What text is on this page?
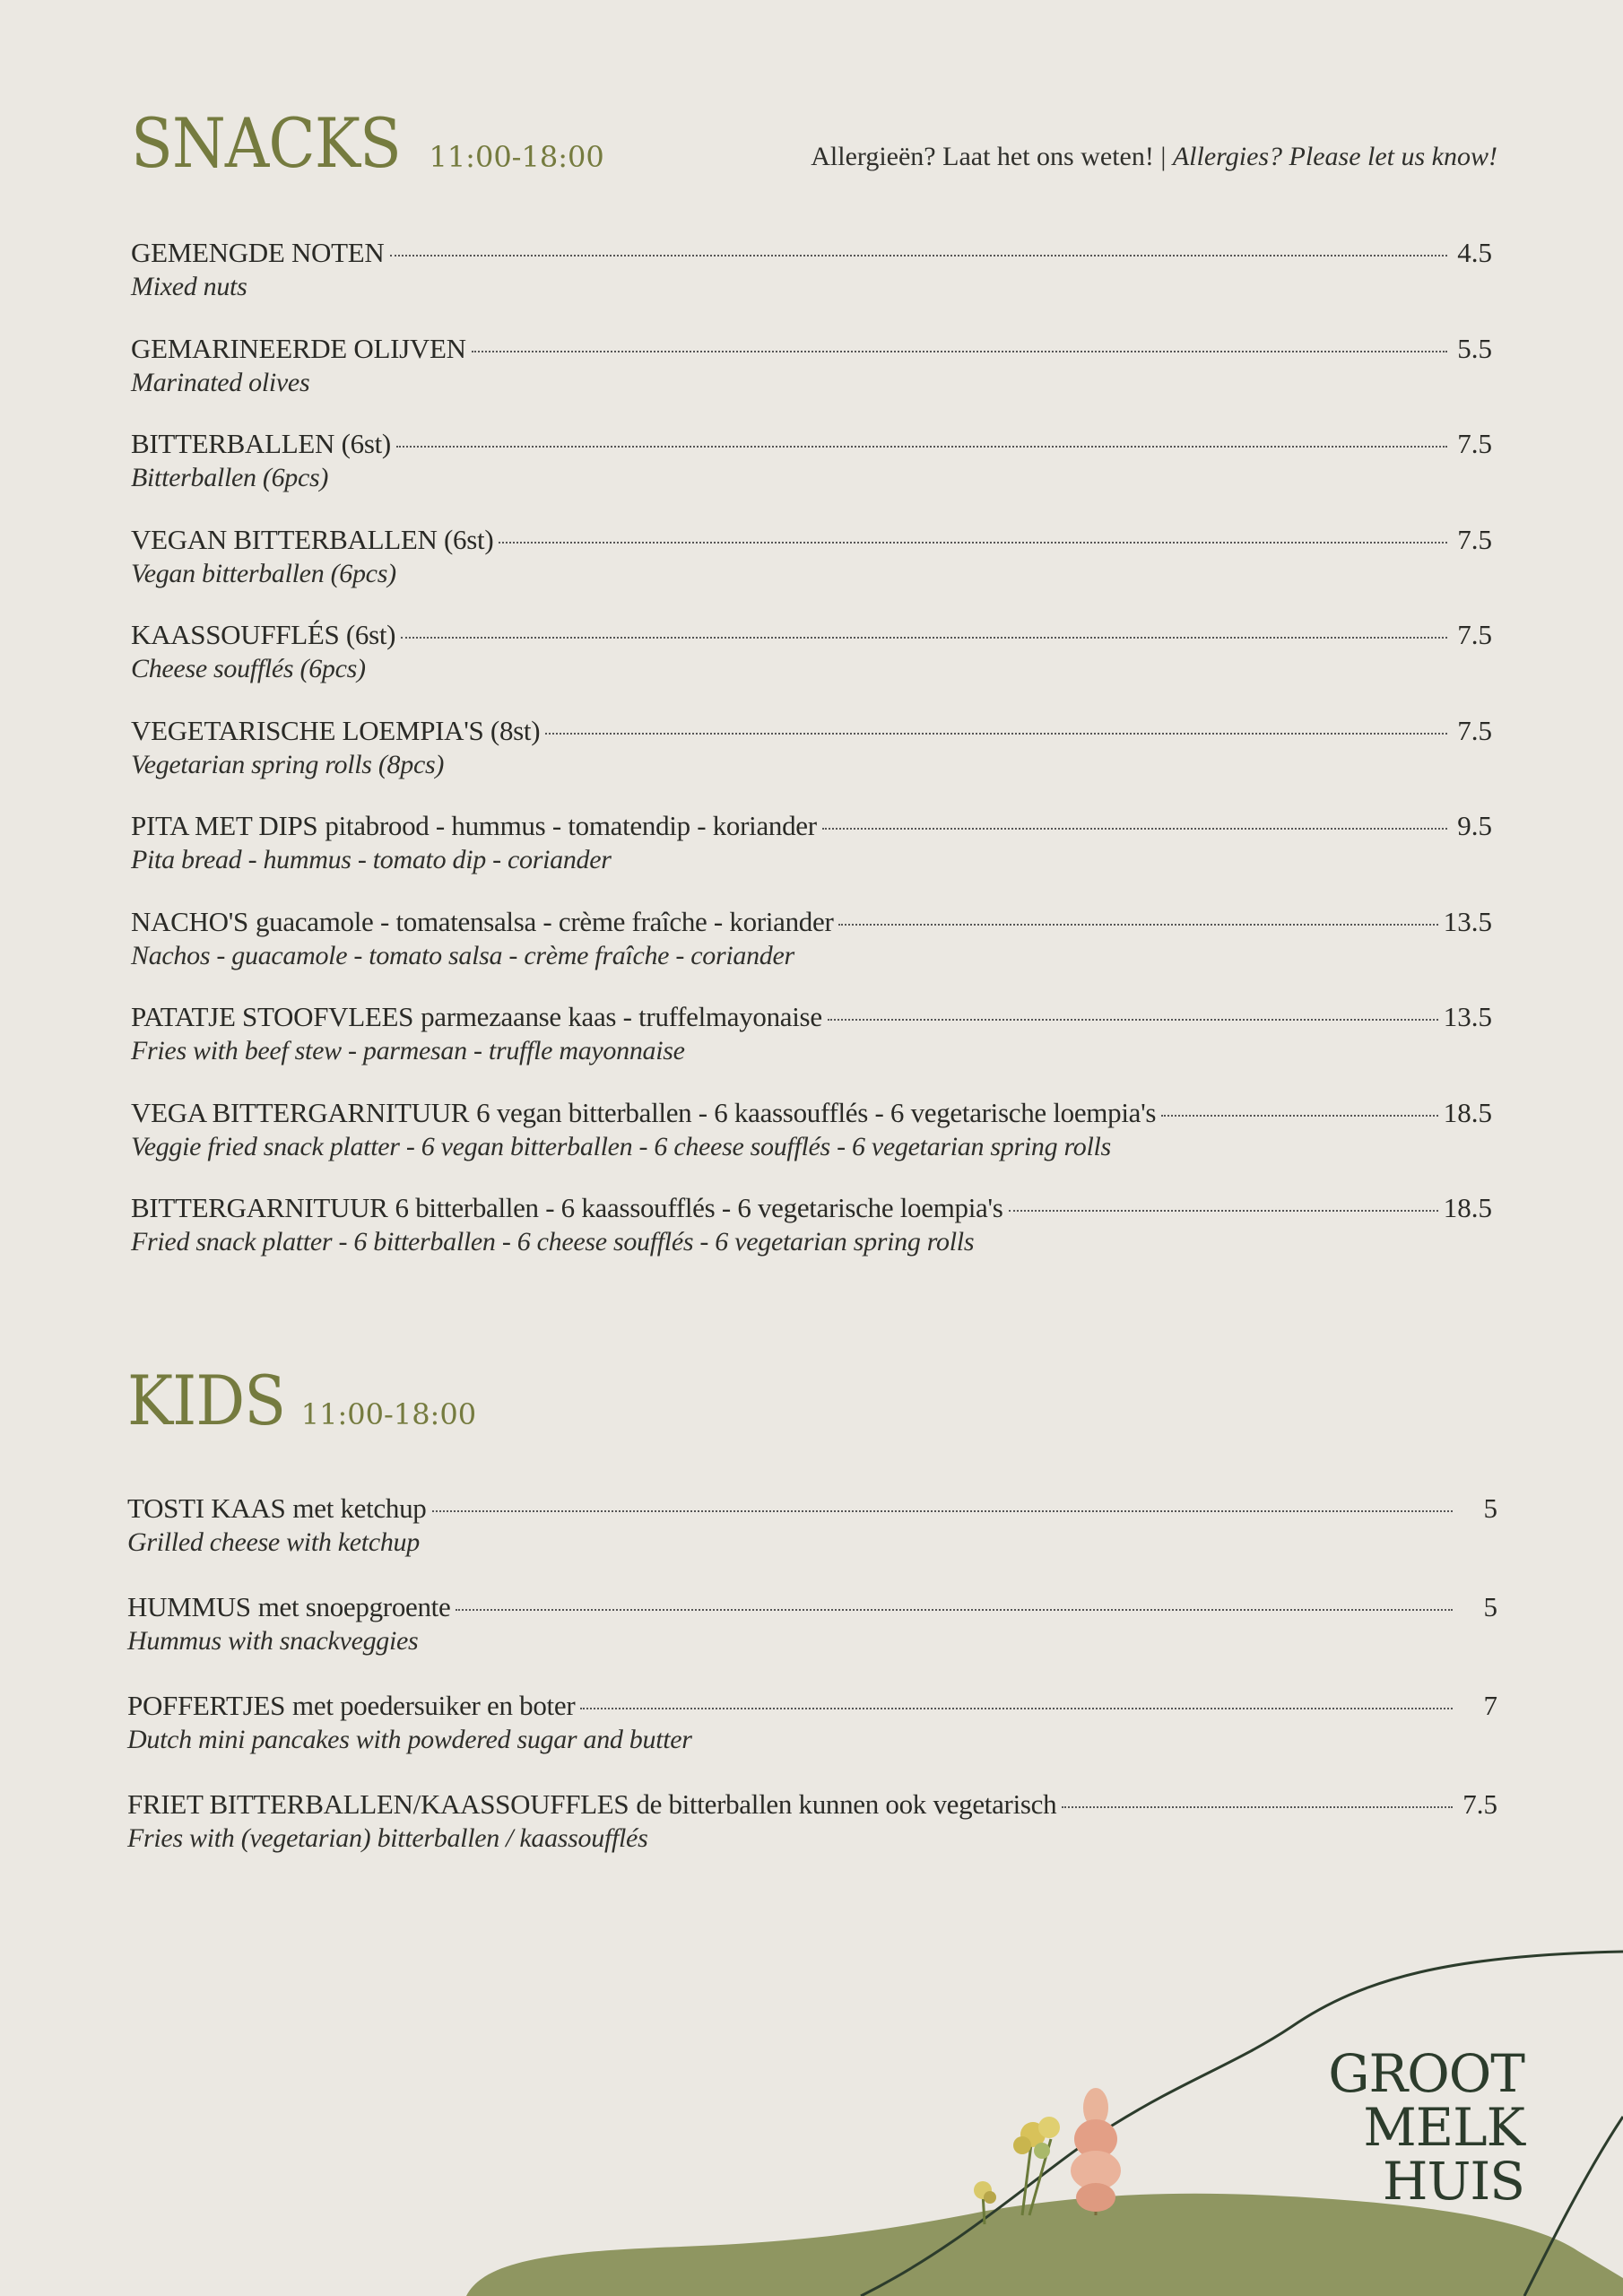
SNACKS 11:00-18:00	Allergieën? Laat het ons weten! | Allergies? Please let us know!
GEMENGDE NOTEN	4.5
Mixed nuts
GEMARINEERDE OLIJVEN	5.5
Marinated olives
BITTERBALLEN (6st)	7.5
Bitterballen (6pcs)
VEGAN BITTERBALLEN (6st)	7.5
Vegan bitterballen (6pcs)
KAASSOUFFLÉS (6st)	7.5
Cheese soufflés (6pcs)
VEGETARISCHE LOEMPIA'S (8st)	7.5
Vegetarian spring rolls (8pcs)
PITA MET DIPS pitabrood - hummus - tomatendip - koriander	9.5
Pita bread - hummus - tomato dip - coriander
NACHO'S guacamole - tomatensalsa - crème fraîche - koriander	13.5
Nachos - guacamole - tomato salsa - crème fraîche - coriander
PATATJE STOOFVLEES parmezaanse kaas - truffelmayonaise	13.5
Fries with beef stew - parmesan - truffle mayonnaise
VEGA BITTERGARNITUUR 6 vegan bitterballen - 6 kaassoufflés - 6 vegetarische loempia's	18.5
Veggie fried snack platter - 6 vegan bitterballen - 6 cheese soufflés - 6 vegetarian spring rolls
BITTERGARNITUUR 6 bitterballen - 6 kaassoufflés - 6 vegetarische loempia's	18.5
Fried snack platter - 6 bitterballen - 6 cheese soufflés - 6 vegetarian spring rolls
KIDS 11:00-18:00
TOSTI KAAS met ketchup	5
Grilled cheese with ketchup
HUMMUS met snoepgroente	5
Hummus with snackveggies
POFFERTJES met poedersuiker en boter	7
Dutch mini pancakes with powdered sugar and butter
FRIET BITTERBALLEN/KAASSOUFFLES de bitterballen kunnen ook vegetarisch	7.5
Fries with (vegetarian) bitterballen / kaassoufflés
GROOT
MELK
HUIS
